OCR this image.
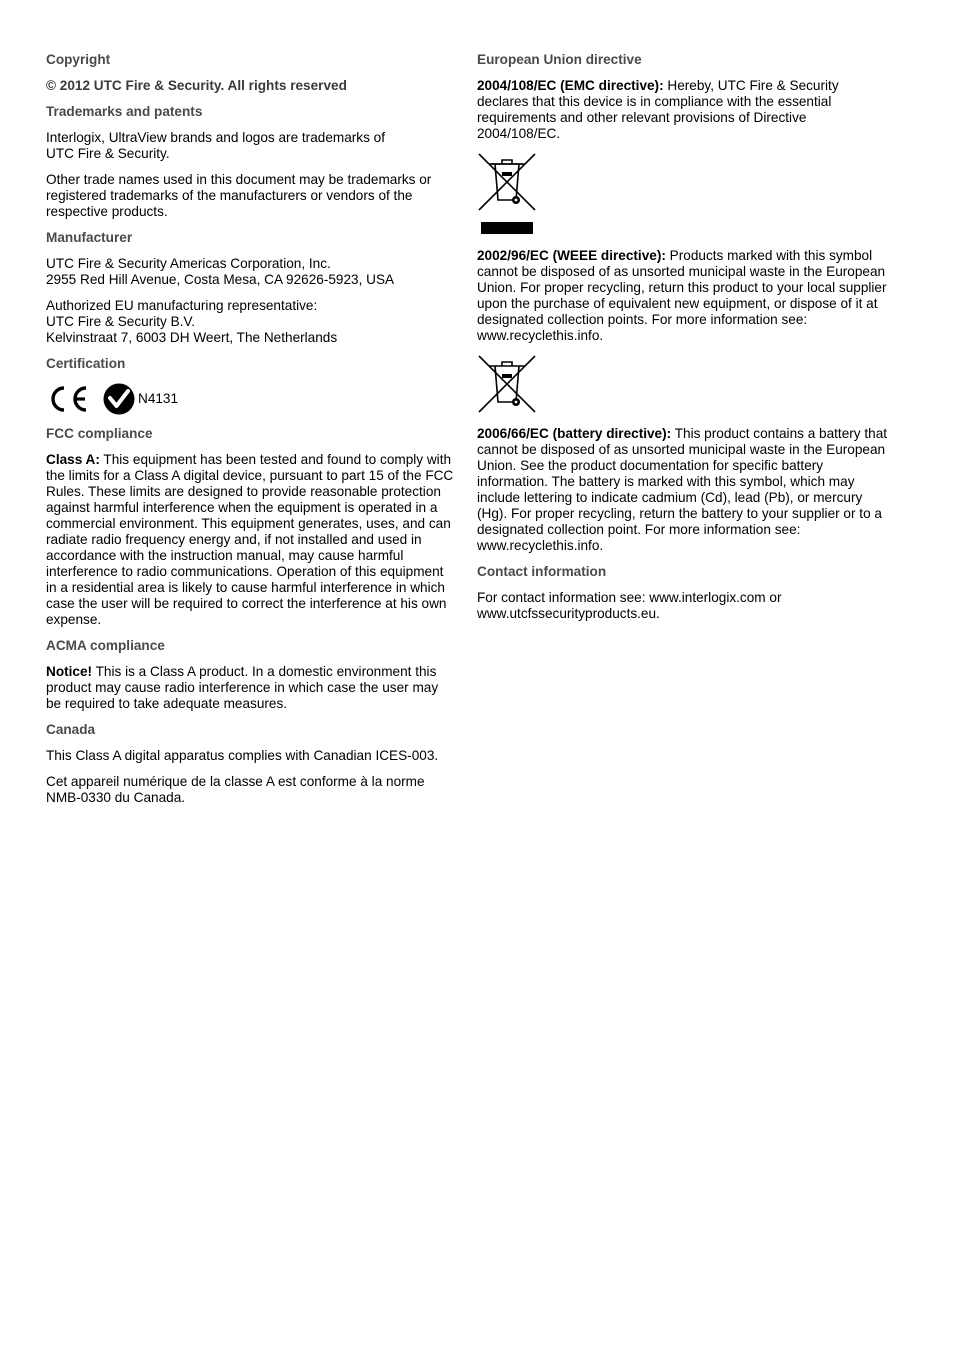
Copyright

© 2012 UTC Fire & Security. All rights reserved

Trademarks and patents

Interlogix, UltraView brands and logos are trademarks of UTC Fire & Security.

Other trade names used in this document may be trademarks or registered trademarks of the manufacturers or vendors of the respective products.

Manufacturer

UTC Fire & Security Americas Corporation, Inc.
2955 Red Hill Avenue, Costa Mesa, CA 92626-5923, USA

Authorized EU manufacturing representative:
UTC Fire & Security B.V.
Kelvinstraat 7, 6003 DH Weert, The Netherlands

Certification
N4131
FCC compliance

Class A: This equipment has been tested and found to comply with the limits for a Class A digital device, pursuant to part 15 of the FCC Rules. These limits are designed to provide reasonable protection against harmful interference when the equipment is operated in a commercial environment. This equipment generates, uses, and can radiate radio frequency energy and, if not installed and used in accordance with the instruction manual, may cause harmful interference to radio communications. Operation of this equipment in a residential area is likely to cause harmful interference in which case the user will be required to correct the interference at his own expense.

ACMA compliance

Notice! This is a Class A product. In a domestic environment this product may cause radio interference in which case the user may be required to take adequate measures.

Canada

This Class A digital apparatus complies with Canadian ICES-003.

Cet appareil numérique de la classe A est conforme à la norme NMB-0330 du Canada.

European Union directive

2004/108/EC (EMC directive): Hereby, UTC Fire & Security declares that this device is in compliance with the essential requirements and other relevant provisions of Directive 2004/108/EC.

2002/96/EC (WEEE directive): Products marked with this symbol cannot be disposed of as unsorted municipal waste in the European Union. For proper recycling, return this product to your local supplier upon the purchase of equivalent new equipment, or dispose of it at designated collection points. For more information see: www.recyclethis.info.

2006/66/EC (battery directive): This product contains a battery that cannot be disposed of as unsorted municipal waste in the European Union. See the product documentation for specific battery information. The battery is marked with this symbol, which may include lettering to indicate cadmium (Cd), lead (Pb), or mercury (Hg). For proper recycling, return the battery to your supplier or to a designated collection point. For more information see: www.recyclethis.info.

Contact information

For contact information see: www.interlogix.com or www.utcfssecurityproducts.eu.
